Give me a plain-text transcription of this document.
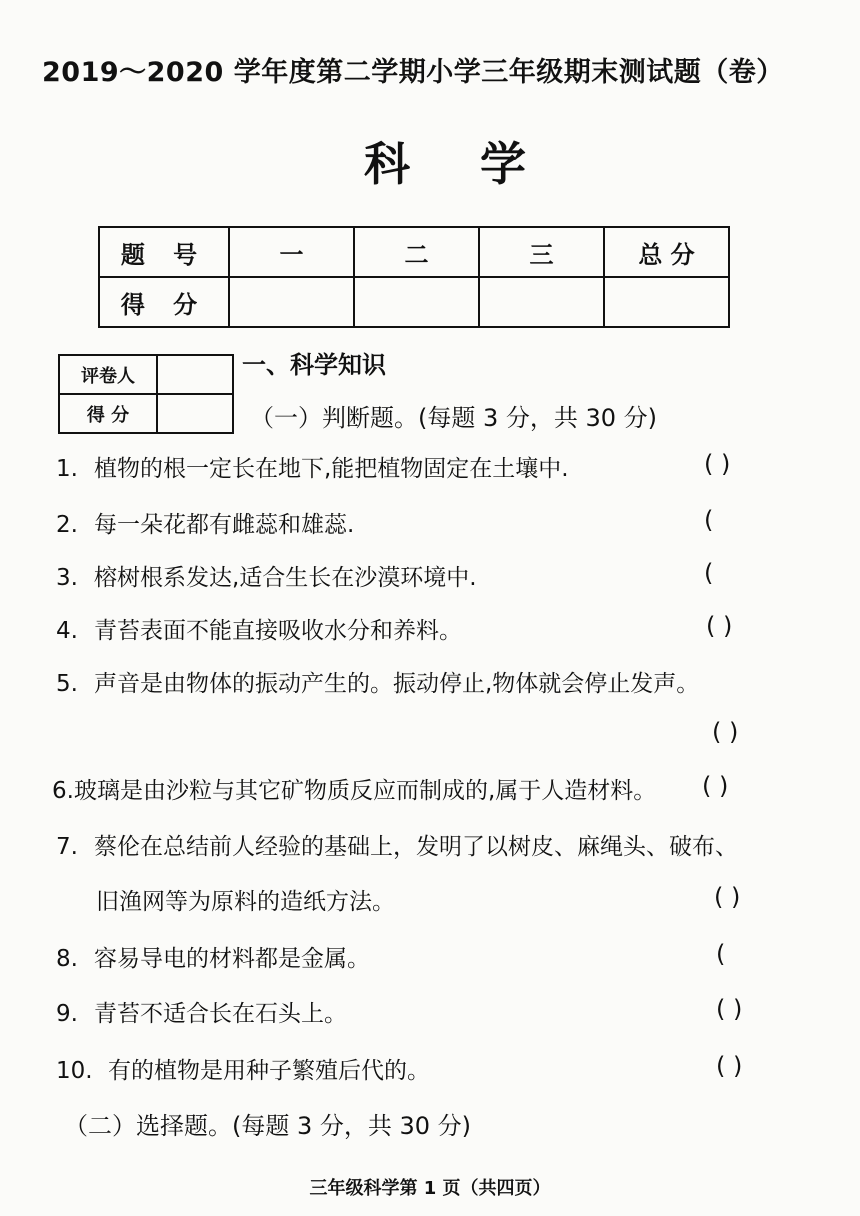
2019～2020 学年度第二学期小学三年级期末测试题（卷）
科学
题 号	一	二	三	总 分
得 分				
评卷人	
得 分	
一、科学知识
（一）判断题。(每题 3 分，共 30 分)
1. 植物的根一定长在地下,能把植物固定在土壤中.	( )
2. 每一朵花都有雌蕊和雄蕊.	(
3. 榕树根系发达,适合生长在沙漠环境中.	(
4. 青苔表面不能直接吸收水分和养料。	( )
5. 声音是由物体的振动产生的。振动停止,物体就会停止发声。
( )
6.玻璃是由沙粒与其它矿物质反应而制成的,属于人造材料。 ( )
7. 蔡伦在总结前人经验的基础上，发明了以树皮、麻绳头、破布、
旧渔网等为原料的造纸方法。	( )
8. 容易导电的材料都是金属。	(
9. 青苔不适合长在石头上。	( )
10. 有的植物是用种子繁殖后代的。	( )
（二）选择题。(每题 3 分，共 30 分)
三年级科学第 1 页（共四页）
